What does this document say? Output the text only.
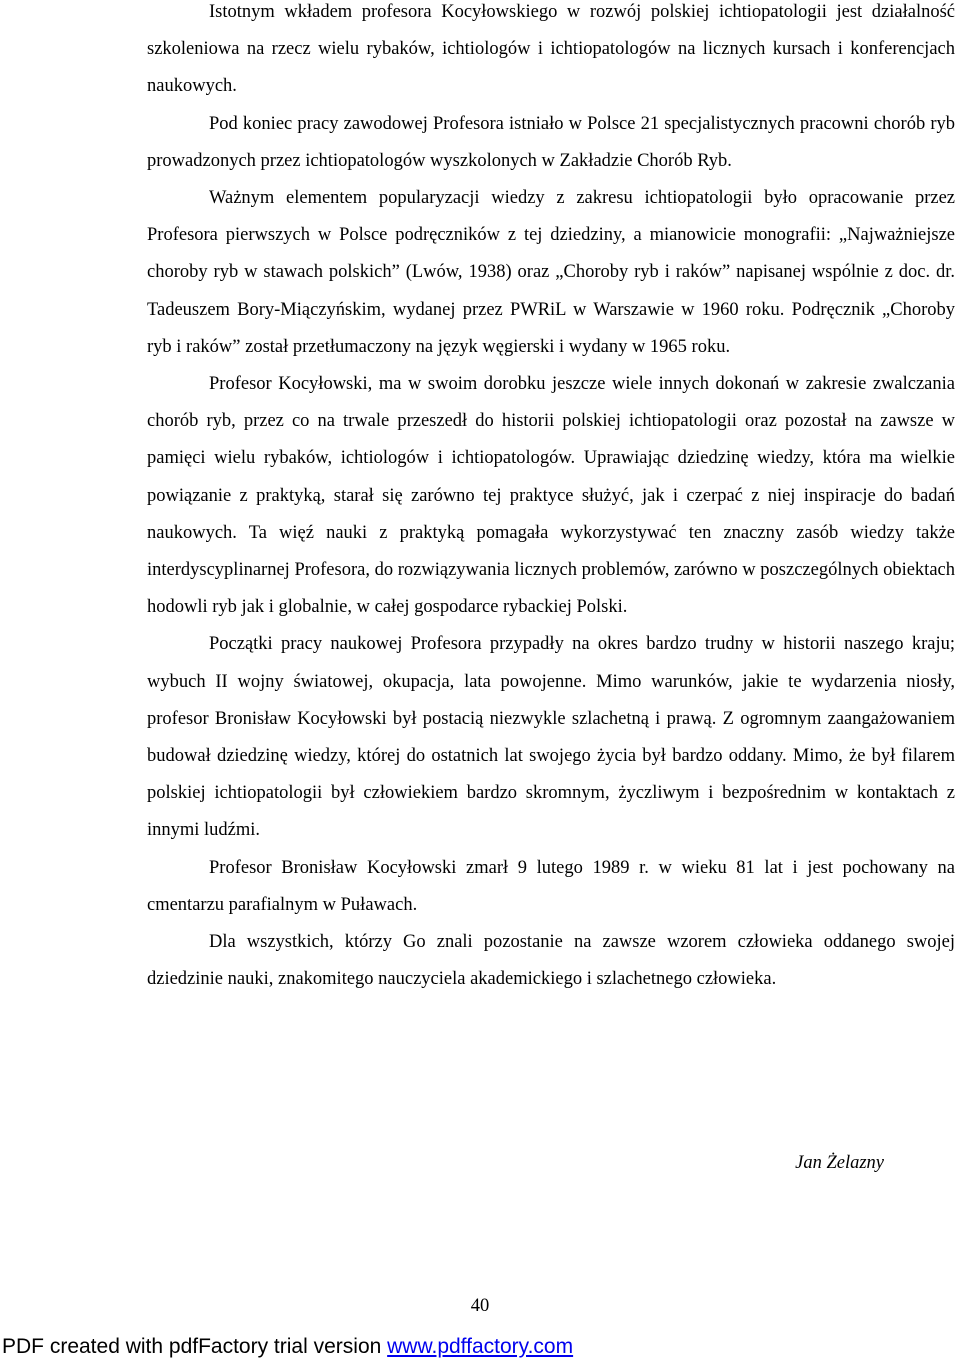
Istotnym wkładem profesora Kocyłowskiego w rozwój polskiej ichtiopatologii jest działalność szkoleniowa na rzecz wielu rybaków, ichtiologów i ichtiopatologów na licznych kursach i konferencjach naukowych.

Pod koniec pracy zawodowej Profesora istniało w Polsce 21 specjalistycznych pracowni chorób ryb prowadzonych przez ichtiopatologów wyszkolonych w Zakładzie Chorób Ryb.

Ważnym elementem popularyzacji wiedzy z zakresu ichtiopatologii było opracowanie przez Profesora pierwszych w Polsce podręczników z tej dziedziny, a mianowicie monografii: „Najważniejsze choroby ryb w stawach polskich” (Lwów, 1938) oraz „Choroby ryb i raków” napisanej wspólnie z doc. dr. Tadeuszem Bory-Miączyńskim, wydanej przez PWRiL w Warszawie w 1960 roku. Podręcznik „Choroby ryb i raków” został przetłumaczony na język węgierski i wydany w 1965 roku.

Profesor Kocyłowski, ma w swoim dorobku jeszcze wiele innych dokonań w zakresie zwalczania chorób ryb, przez co na trwale przeszedł do historii polskiej ichtiopatologii oraz pozostał na zawsze w pamięci wielu rybaków, ichtiologów i ichtiopatologów. Uprawiając dziedzinę wiedzy, która ma wielkie powiązanie z praktyką, starał się zarówno tej praktyce służyć, jak i czerpać z niej inspiracje do badań naukowych. Ta więź nauki z praktyką pomagała wykorzystywać ten znaczny zasób wiedzy także interdyscyplinarnej Profesora, do rozwiązywania licznych problemów, zarówno w poszczególnych obiektach hodowli ryb jak i globalnie, w całej gospodarce rybackiej Polski.

Początki pracy naukowej Profesora przypadły na okres bardzo trudny w historii naszego kraju; wybuch II wojny światowej, okupacja, lata powojenne. Mimo warunków, jakie te wydarzenia niosły, profesor Bronisław Kocyłowski był postacią niezwykle szlachetną i prawą. Z ogromnym zaangażowaniem budował dziedzinę wiedzy, której do ostatnich lat swojego życia był bardzo oddany. Mimo, że był filarem polskiej ichtiopatologii był człowiekiem bardzo skromnym, życzliwym i bezpośrednim w kontaktach z innymi ludźmi.

Profesor Bronisław Kocyłowski zmarł 9 lutego 1989 r. w wieku 81 lat i jest pochowany na cmentarzu parafialnym w Puławach.

Dla wszystkich, którzy Go znali pozostanie na zawsze wzorem człowieka oddanego swojej dziedzinie nauki, znakomitego nauczyciela akademickiego i szlachetnego człowieka.

Jan Żelazny
40
PDF created with pdfFactory trial version www.pdffactory.com
